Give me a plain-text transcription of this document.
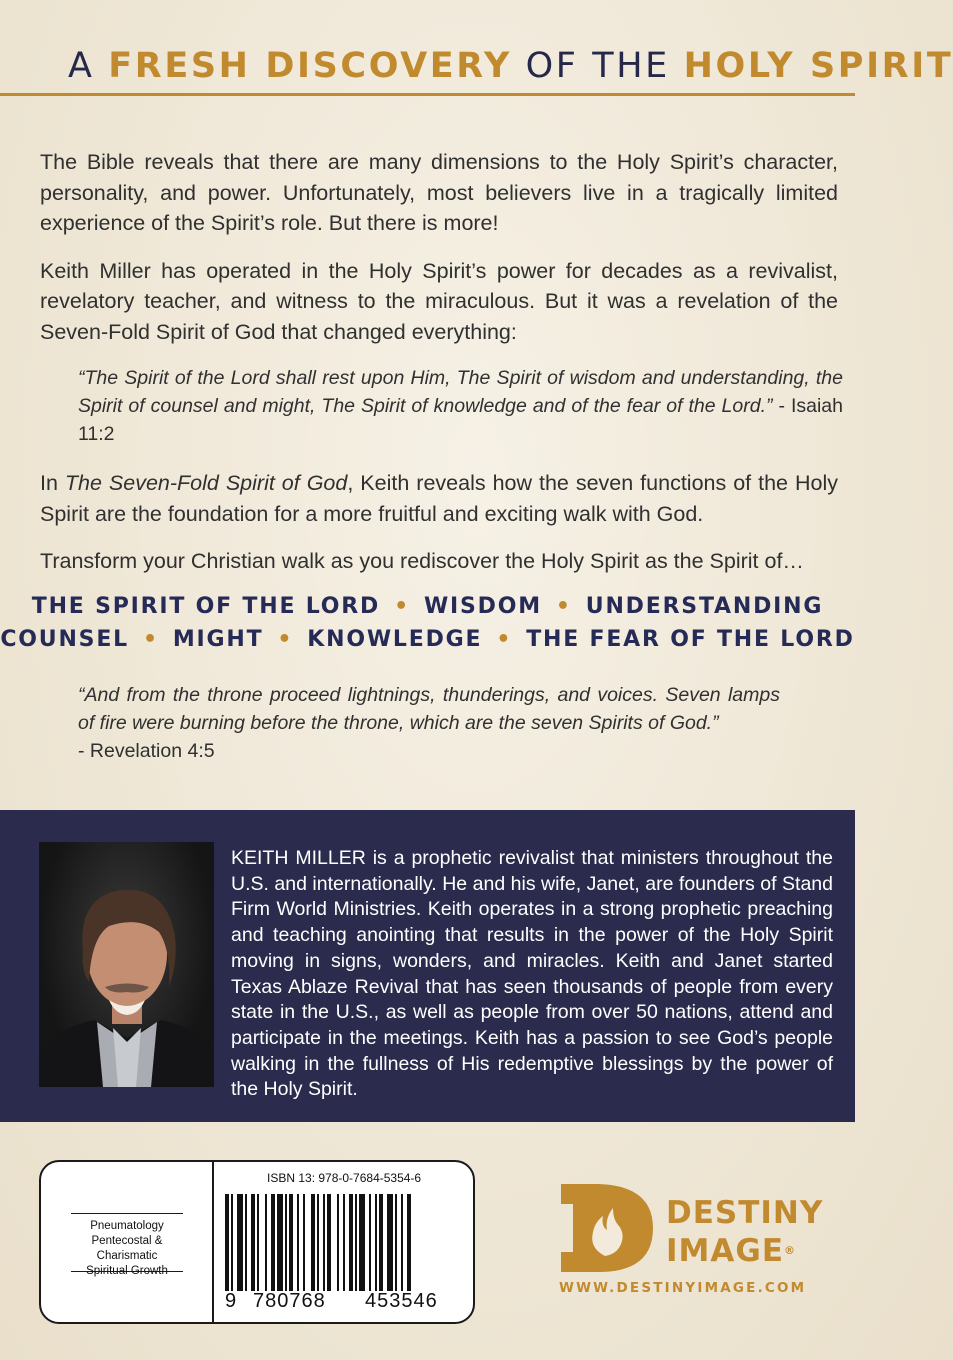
A FRESH DISCOVERY OF THE HOLY SPIRIT

The Bible reveals that there are many dimensions to the Holy Spirit’s character, personality, and power. Unfortunately, most believers live in a tragically limited experience of the Spirit’s role. But there is more!

Keith Miller has operated in the Holy Spirit’s power for decades as a revivalist, revelatory teacher, and witness to the miraculous. But it was a revelation of the Seven-Fold Spirit of God that changed everything:

“The Spirit of the Lord shall rest upon Him, The Spirit of wisdom and understanding, the Spirit of counsel and might, The Spirit of knowledge and of the fear of the Lord.” - Isaiah 11:2

In The Seven-Fold Spirit of God, Keith reveals how the seven functions of the Holy Spirit are the foundation for a more fruitful and exciting walk with God.

Transform your Christian walk as you rediscover the Holy Spirit as the Spirit of…

THE SPIRIT OF THE LORD • WISDOM • UNDERSTANDING
COUNSEL • MIGHT • KNOWLEDGE • THE FEAR OF THE LORD
“And from the throne proceed lightnings, thunderings, and voices. Seven lamps of fire were burning before the throne, which are the seven Spirits of God.”
- Revelation 4:5
KEITH MILLER is a prophetic revivalist that ministers throughout the U.S. and internationally. He and his wife, Janet, are founders of Stand Firm World Ministries. Keith operates in a strong prophetic preaching and teaching anointing that results in the power of the Holy Spirit moving in signs, wonders, and miracles. Keith and Janet started Texas Ablaze Revival that has seen thousands of people from every state in the U.S., as well as people from over 50 nations, attend and participate in the meetings. Keith has a passion to see God’s people walking in the fullness of His redemptive blessings by the power of the Holy Spirit.
Pneumatology
Pentecostal & Charismatic
Spiritual Growth
ISBN 13: 978-0-7684-5354-6
9 780768 453546
DESTINY
IMAGE®
WWW.DESTINYIMAGE.COM
